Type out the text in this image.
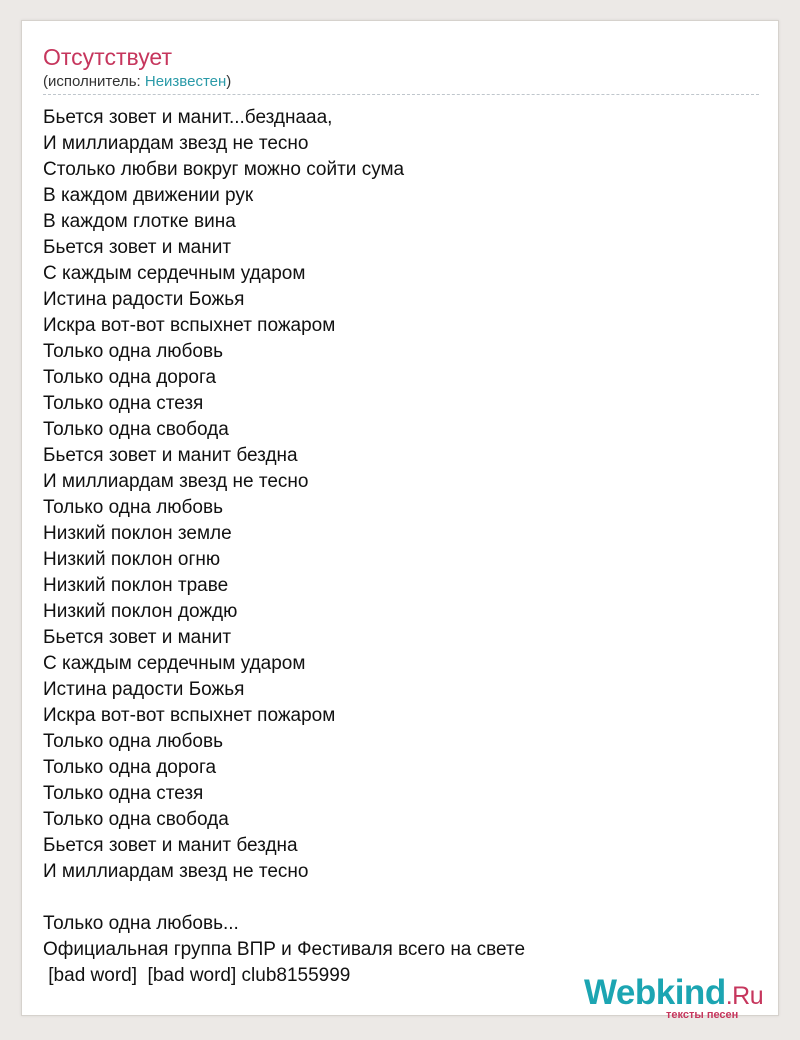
Отсутствует
(исполнитель: Неизвестен)
Бьется зовет и манит...безднааа,
И миллиардам звезд не тесно
Столько любви вокруг можно сойти сума
В каждом движении рук
В каждом глотке вина
Бьется зовет и манит
С каждым сердечным ударом
Истина радости Божья
Искра вот-вот вспыхнет пожаром
Только одна любовь
Только одна дорога
Только одна стезя
Только одна свобода
Бьется зовет и манит бездна
И миллиардам звезд не тесно
Только одна любовь
Низкий поклон земле
Низкий поклон огню
Низкий поклон траве
Низкий поклон дождю
Бьется зовет и манит
С каждым сердечным ударом
Истина радости Божья
Искра вот-вот вспыхнет пожаром
Только одна любовь
Только одна дорога
Только одна стезя
Только одна свобода
Бьется зовет и манит бездна
И миллиардам звезд не тесно
Только одна любовь...
Официальная группа ВПР и Фестиваля всего на свете
[bad word]  [bad word] club8155999	Webkind.Ru
тексты песен
